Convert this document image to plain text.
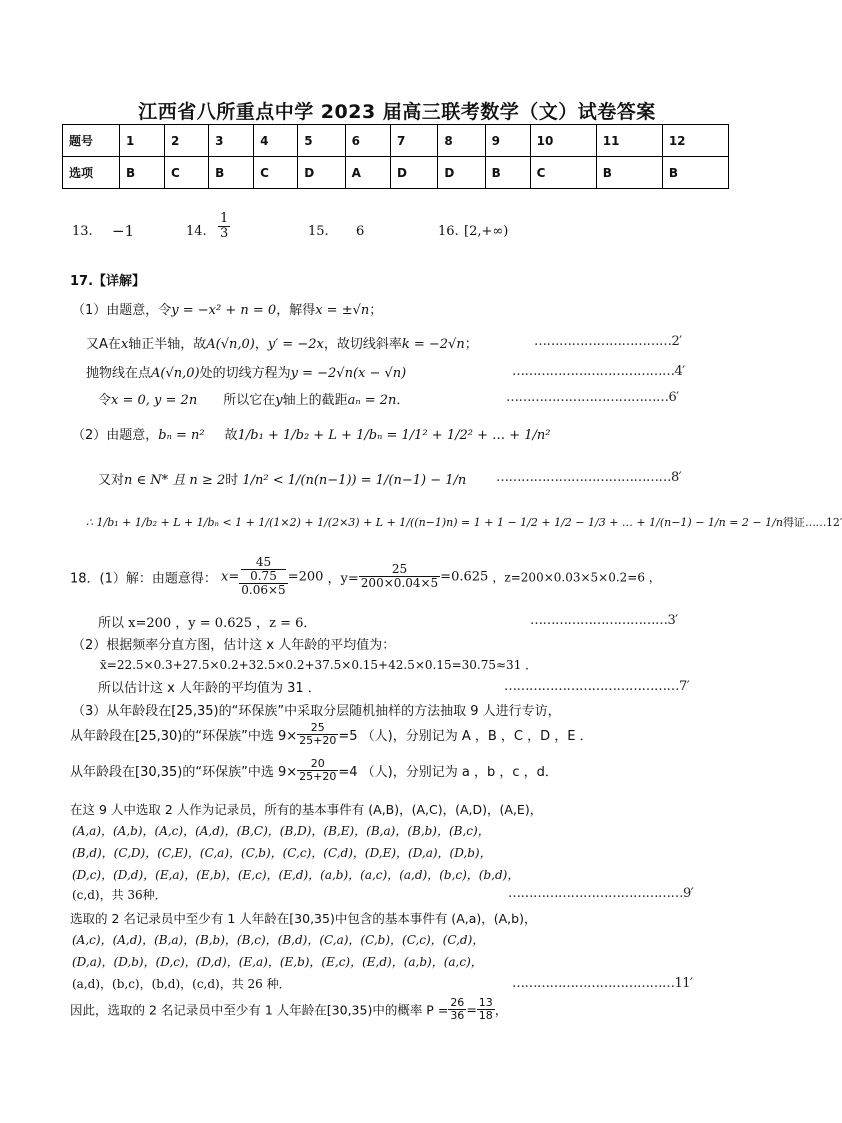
江西省八所重点中学 2023 届高三联考数学（文）试卷答案
题号	1	2	3	4	5	6	7	8	9	10	11	12
选项	B	C	B	C	D	A	D	D	B	C	B	B
13. −1	14. $\frac{1}{3}$	15. 6	16. [2,+∞)
17.【详解】
（1）由题意，令y = −x² + n = 0，解得x = ±√n；
又A在x轴正半轴，故A(√n,0)，y′ = −2x，故切线斜率k = −2√n；	……………………………2′
抛物线在点A(√n,0)处的切线方程为y = −2√n(x − √n)	…………………………………4′
令x = 0, y = 2n 所以它在y轴上的截距aₙ = 2n．	…………………………………6′
（2）由题意，bₙ = n² 故1/b₁ + 1/b₂ + L + 1/bₙ = 1/1² + 1/2² + … + 1/n²
又对n ∈ N* 且 n ≥ 2时 1/n² < 1/(n(n−1)) = 1/(n−1) − 1/n ……………………………………8′
∴ 1/b₁ + 1/b₂ + L + 1/bₙ < 1 + 1/(1×2) + 1/(2×3) + L + 1/((n−1)n) = 1 + 1 − 1/2 + 1/2 − 1/3 + … + 1/(n−1) − 1/n = 2 − 1/n得证……12′
18．(1）解：由题意得： x= 45
0.75
0.06×5 =200 ，$y= \frac{25}{200\times 0.04\times 5} =0.625$ ，z=200×0.03×5×0.2=6 ，
所以 x=200 ，y = 0.625 ，z = 6．	……………………………3′
（2）根据频率分直方图，估计这 x 人年龄的平均值为：
x̄=22.5×0.3+27.5×0.2+32.5×0.2+37.5×0.15+42.5×0.15=30.75≈31 ．
所以估计这 x 人年龄的平均值为 31 ．	……………………………………7′
（3）从年龄段在[25,35)的“环保族”中采取分层随机抽样的方法抽取 9 人进行专访，
从年龄段在[25,30)的“环保族”中选 $9\times \frac{25}{25+20} =5$ （人)，分别记为 A ，B ，C ，D ，E ．
从年龄段在[30,35)的“环保族”中选 $9\times \frac{20}{25+20} =4$ （人)，分别记为 a ，b ，c ，d．
在这 9 人中选取 2 人作为记录员，所有的基本事件有 (A,B)，(A,C)，(A,D)，(A,E)，
(A,a)，(A,b)，(A,c)，(A,d)，(B,C)，(B,D)，(B,E)，(B,a)，(B,b)，(B,c)，
(B,d)，(C,D)，(C,E)，(C,a)，(C,b)，(C,c)，(C,d)，(D,E)，(D,a)，(D,b)，
(D,c)，(D,d)，(E,a)，(E,b)，(E,c)，(E,d)，(a,b)，(a,c)，(a,d)，(b,c)，(b,d)，
(c,d)，共 36种．	……………………………………9′
选取的 2 名记录员中至少有 1 人年龄在[30,35)中包含的基本事件有 (A,a)，(A,b)，
(A,c)，(A,d)，(B,a)，(B,b)，(B,c)，(B,d)，(C,a)，(C,b)，(C,c)，(C,d)，
(D,a)，(D,b)，(D,c)，(D,d)，(E,a)，(E,b)，(E,c)，(E,d)，(a,b)，(a,c)，
(a,d)，(b,c)，(b,d)，(c,d)，共 26 种．	…………………………………11′
因此，选取的 2 名记录员中至少有 1 人年龄在[30,35)中的概率 $P = \frac{26}{36} = \frac{13}{18}$ ，
